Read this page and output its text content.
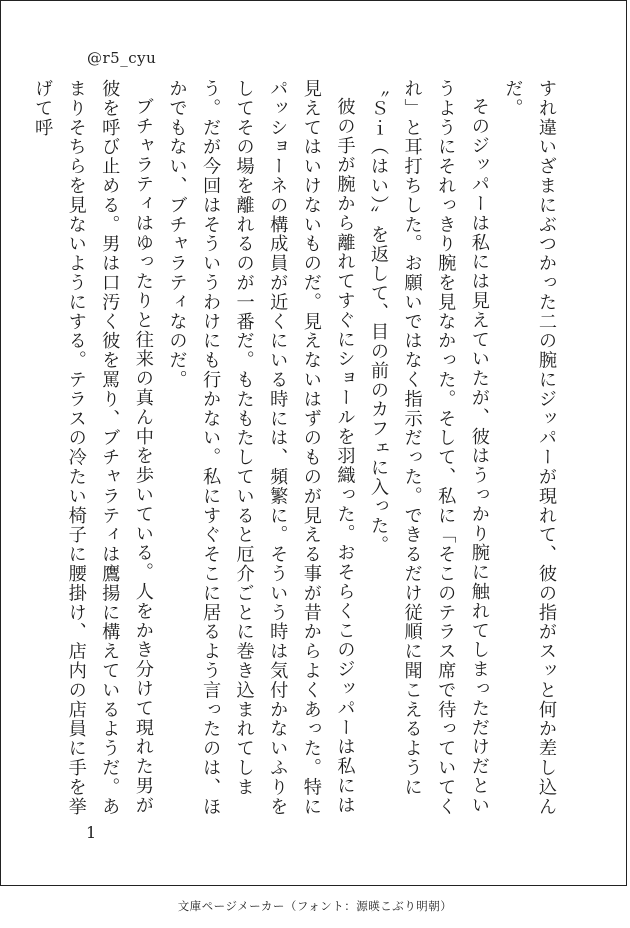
@r5_cyu

すれ違いざまにぶつかった二の腕にジッパーが現れて、彼の指がスッと何か差し込んだ。

そのジッパーは私には見えていたが、彼はうっかり腕に触れてしまっただけだというようにそれっきり腕を見なかった。そして、私に「そこのテラス席で待っていてくれ」と耳打ちした。お願いではなく指示だった。できるだけ従順に聞こえるように〝Ｓｉ（はい）〟を返して、目の前のカフェに入った。

彼の手が腕から離れてすぐにショールを羽織った。おそらくこのジッパーは私には見えてはいけないものだ。見えないはずのものが見える事が昔からよくあった。特にパッショーネの構成員が近くにいる時には、頻繁に。そういう時は気付かないふりをしてその場を離れるのが一番だ。もたもたしていると厄介ごとに巻き込まれてしまう。だが今回はそういうわけにも行かない。私にすぐそこに居るよう言ったのは、ほかでもない、ブチャラティなのだ。

ブチャラティはゆったりと往来の真ん中を歩いている。人をかき分けて現れた男が彼を呼び止める。男は口汚く彼を罵り、ブチャラティは鷹揚に構えているようだ。あまりそちらを見ないようにする。テラスの冷たい椅子に腰掛け、店内の店員に手を挙げて呼

1
文庫ページメーカー（フォント：源暎こぶり明朝）
